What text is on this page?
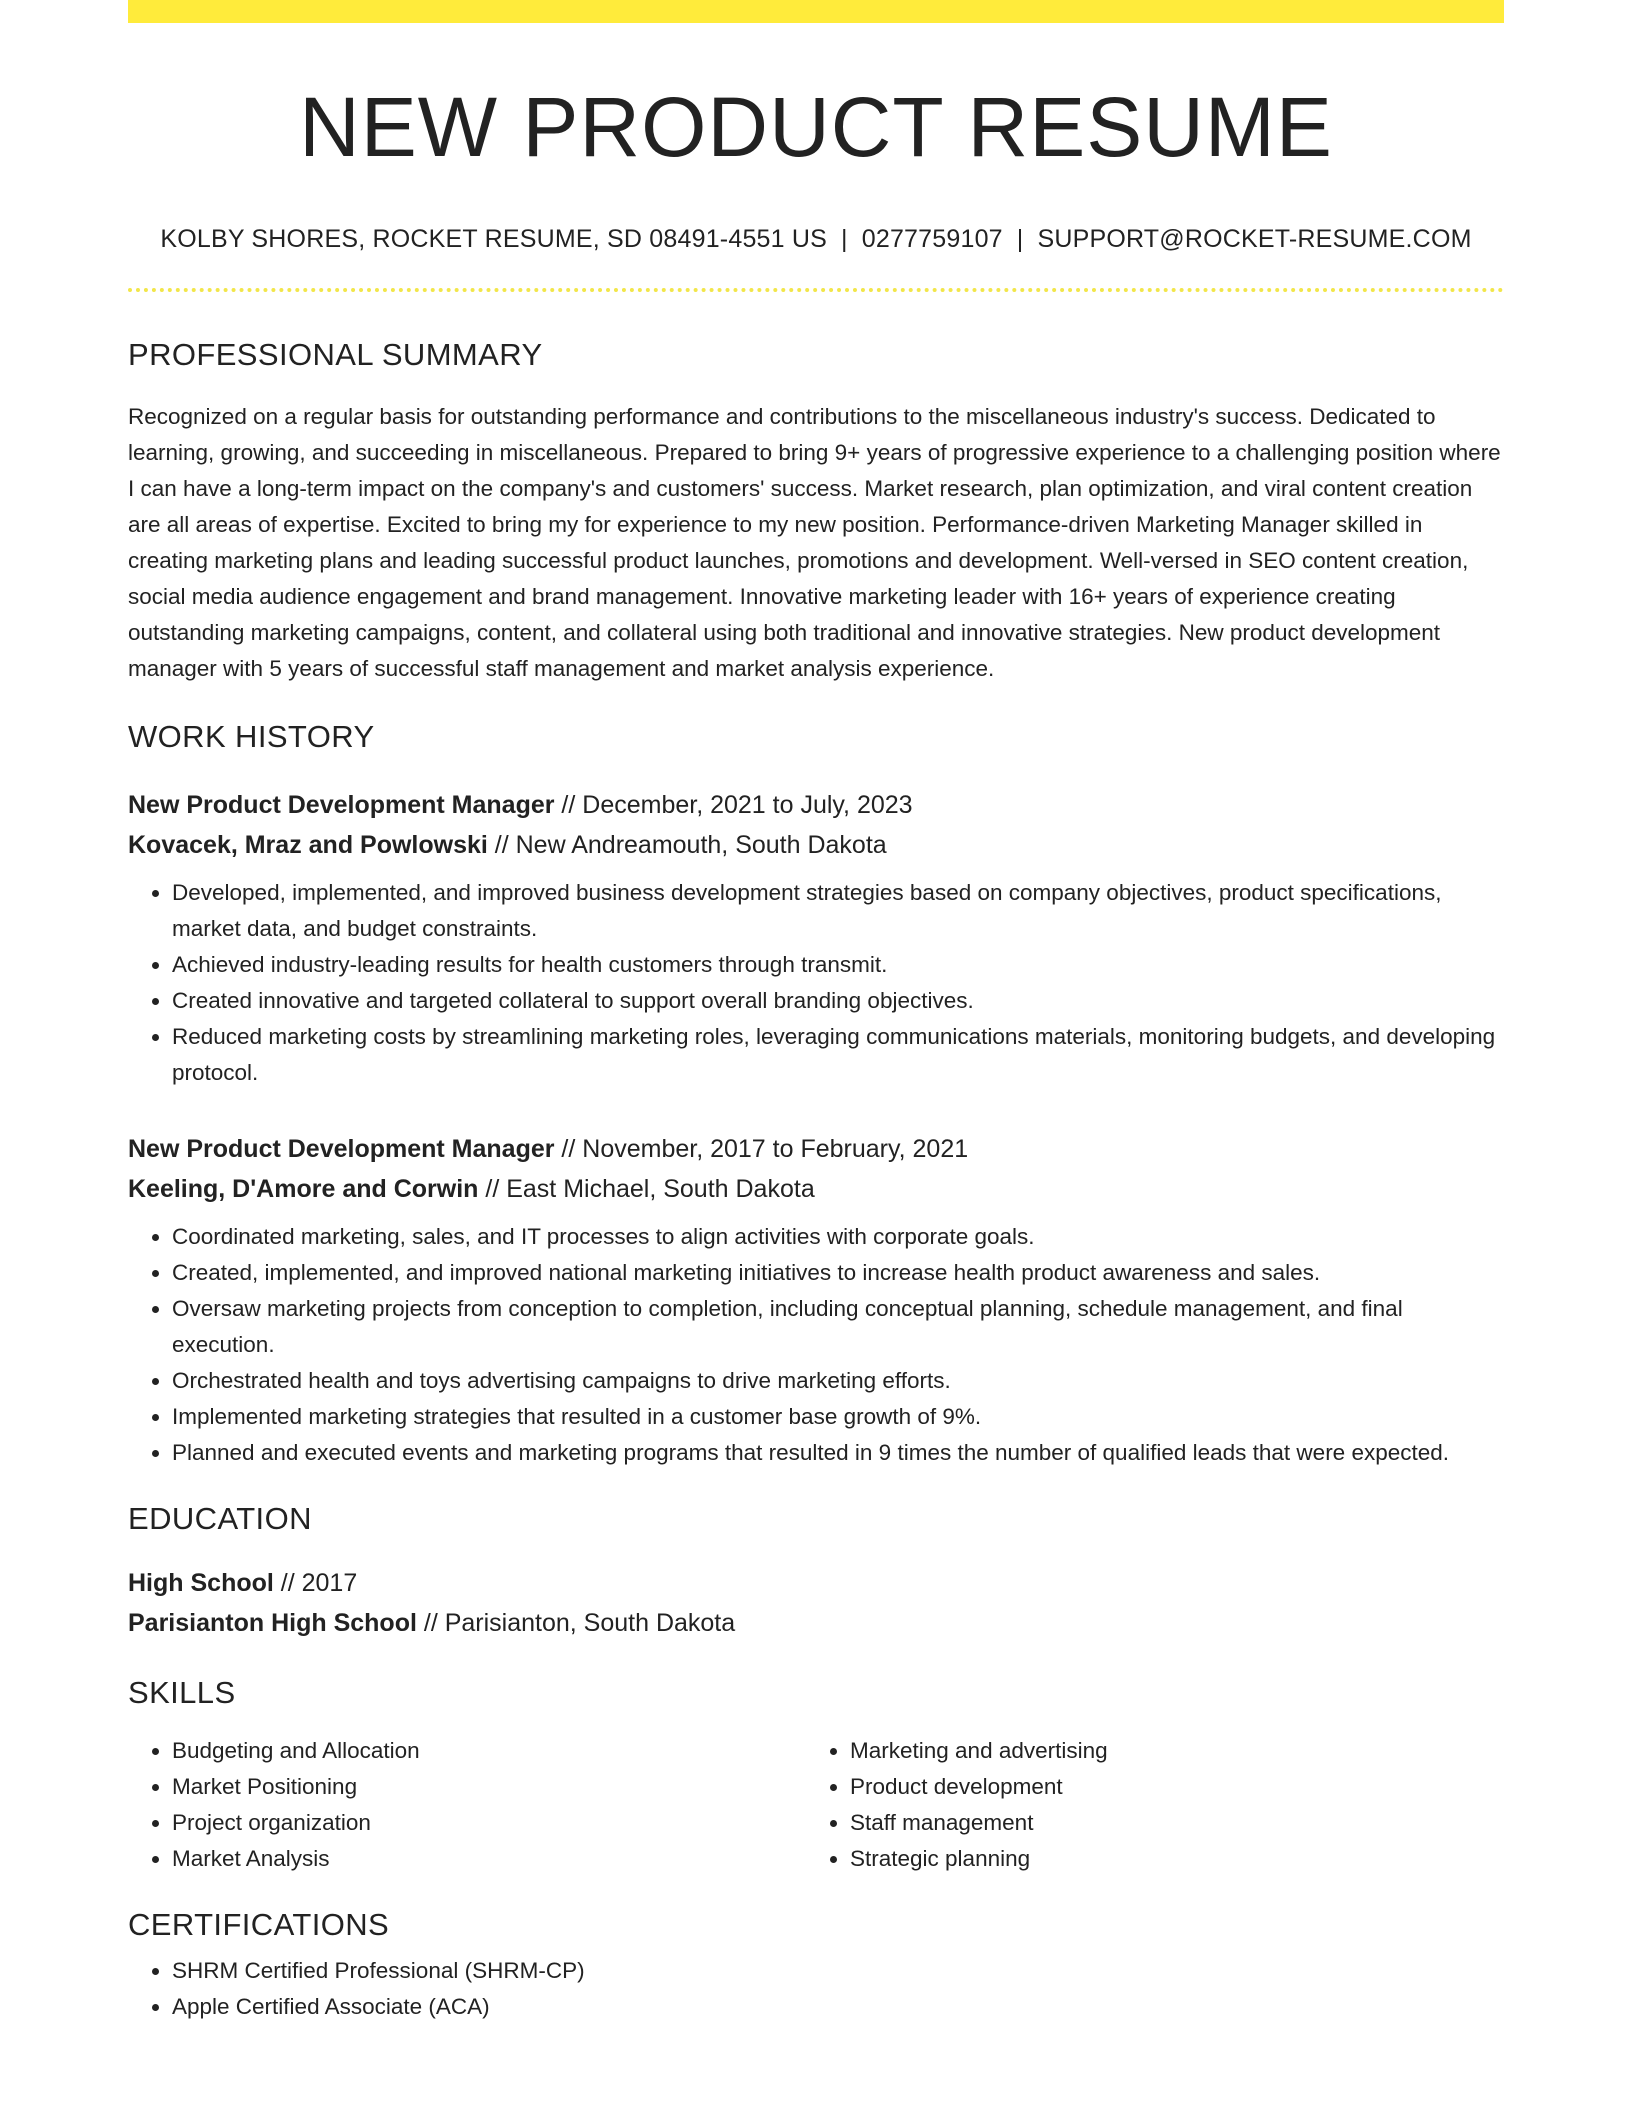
NEW PRODUCT RESUME
KOLBY SHORES, ROCKET RESUME, SD 08491-4551 US | 0277759107 | SUPPORT@ROCKET-RESUME.COM
PROFESSIONAL SUMMARY
Recognized on a regular basis for outstanding performance and contributions to the miscellaneous industry's success. Dedicated to learning, growing, and succeeding in miscellaneous. Prepared to bring 9+ years of progressive experience to a challenging position where I can have a long-term impact on the company's and customers' success. Market research, plan optimization, and viral content creation are all areas of expertise. Excited to bring my for experience to my new position. Performance-driven Marketing Manager skilled in creating marketing plans and leading successful product launches, promotions and development. Well-versed in SEO content creation, social media audience engagement and brand management. Innovative marketing leader with 16+ years of experience creating outstanding marketing campaigns, content, and collateral using both traditional and innovative strategies. New product development manager with 5 years of successful staff management and market analysis experience.
WORK HISTORY
New Product Development Manager // December, 2021 to July, 2023
Kovacek, Mraz and Powlowski // New Andreamouth, South Dakota
• Developed, implemented, and improved business development strategies based on company objectives, product specifications, market data, and budget constraints.
• Achieved industry-leading results for health customers through transmit.
• Created innovative and targeted collateral to support overall branding objectives.
• Reduced marketing costs by streamlining marketing roles, leveraging communications materials, monitoring budgets, and developing protocol.
New Product Development Manager // November, 2017 to February, 2021
Keeling, D'Amore and Corwin // East Michael, South Dakota
• Coordinated marketing, sales, and IT processes to align activities with corporate goals.
• Created, implemented, and improved national marketing initiatives to increase health product awareness and sales.
• Oversaw marketing projects from conception to completion, including conceptual planning, schedule management, and final execution.
• Orchestrated health and toys advertising campaigns to drive marketing efforts.
• Implemented marketing strategies that resulted in a customer base growth of 9%.
• Planned and executed events and marketing programs that resulted in 9 times the number of qualified leads that were expected.
EDUCATION
High School // 2017
Parisianton High School // Parisianton, South Dakota
SKILLS
• Budgeting and Allocation
• Market Positioning
• Project organization
• Market Analysis
• Marketing and advertising
• Product development
• Staff management
• Strategic planning
CERTIFICATIONS
• SHRM Certified Professional (SHRM-CP)
• Apple Certified Associate (ACA)
